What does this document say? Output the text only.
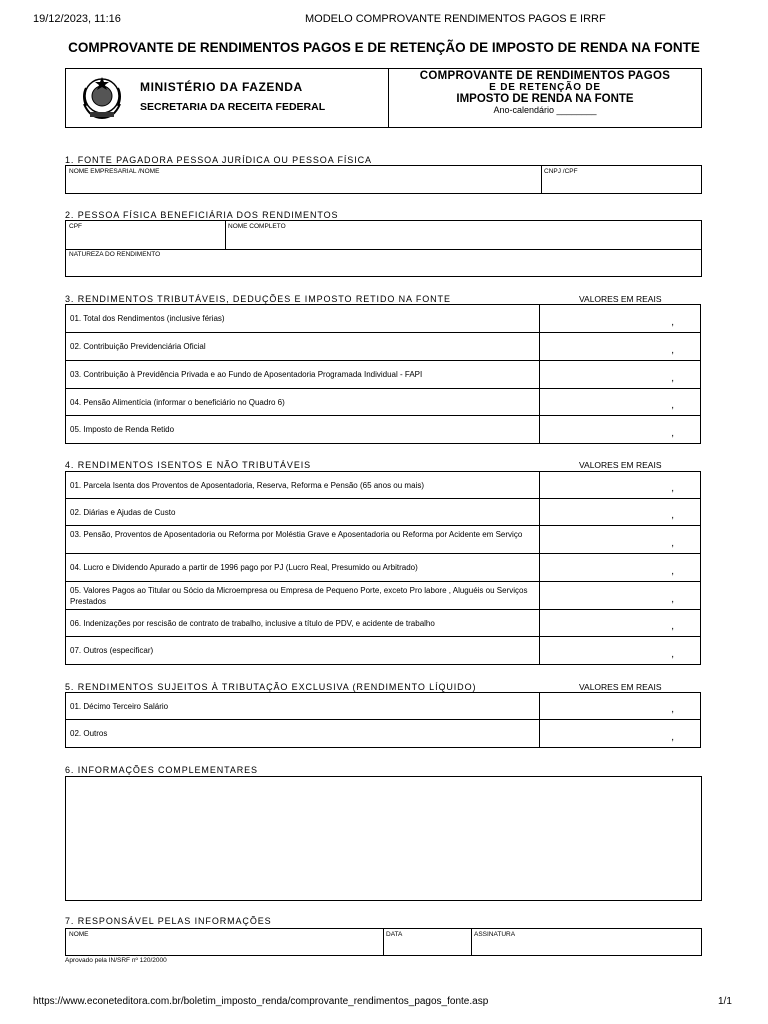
19/12/2023, 11:16	MODELO COMPROVANTE RENDIMENTOS PAGOS E IRRF
COMPROVANTE DE RENDIMENTOS PAGOS E DE RETENÇÃO DE IMPOSTO DE RENDA NA FONTE
MINISTÉRIO DA FAZENDA
SECRETARIA DA RECEITA FEDERAL
COMPROVANTE DE RENDIMENTOS PAGOS
E DE RETENÇÃO DE
IMPOSTO DE RENDA NA FONTE
Ano-calendário ________
1. FONTE PAGADORA PESSOA JURÍDICA OU PESSOA FÍSICA
NOME EMPRESARIAL /NOME	CNPJ /CPF
2. PESSOA FÍSICA BENEFICIÁRIA DOS RENDIMENTOS
CPF	NOME COMPLETO
NATUREZA DO RENDIMENTO
3. RENDIMENTOS TRIBUTÁVEIS, DEDUÇÕES E IMPOSTO RETIDO NA FONTE	VALORES EM REAIS
01. Total dos Rendimentos (inclusive férias)	,
02. Contribuição Previdenciária Oficial	,
03. Contribuição à Previdência Privada e ao Fundo de Aposentadoria Programada Individual - FAPI	,
04. Pensão Alimentícia (informar o beneficiário no Quadro 6)	,
05. Imposto de Renda Retido	,
4. RENDIMENTOS ISENTOS E NÃO TRIBUTÁVEIS	VALORES EM REAIS
01. Parcela Isenta dos Proventos de Aposentadoria, Reserva, Reforma e Pensão (65 anos ou mais)	,
02. Diárias e Ajudas de Custo	,
03. Pensão, Proventos de Aposentadoria ou Reforma por Moléstia Grave e Aposentadoria ou Reforma por Acidente em Serviço
,
04. Lucro e Dividendo Apurado a partir de 1996 pago por PJ (Lucro Real, Presumido ou Arbitrado)	,
05. Valores Pagos ao Titular ou Sócio da Microempresa ou Empresa de Pequeno Porte, exceto Pro labore , Aluguéis ou Serviços Prestados	,
06. Indenizações por rescisão de contrato de trabalho, inclusive a título de PDV, e acidente de trabalho	,
07. Outros (especificar)	,
5. RENDIMENTOS SUJEITOS À TRIBUTAÇÃO EXCLUSIVA (RENDIMENTO LÍQUIDO)	VALORES EM REAIS
01. Décimo Terceiro Salário	,
02. Outros	,
6. INFORMAÇÕES COMPLEMENTARES
7. RESPONSÁVEL PELAS INFORMAÇÕES
NOME	DATA	ASSINATURA
Aprovado pela IN/SRF nº 120/2000
https://www.econeteditora.com.br/boletim_imposto_renda/comprovante_rendimentos_pagos_fonte.asp	1/1
